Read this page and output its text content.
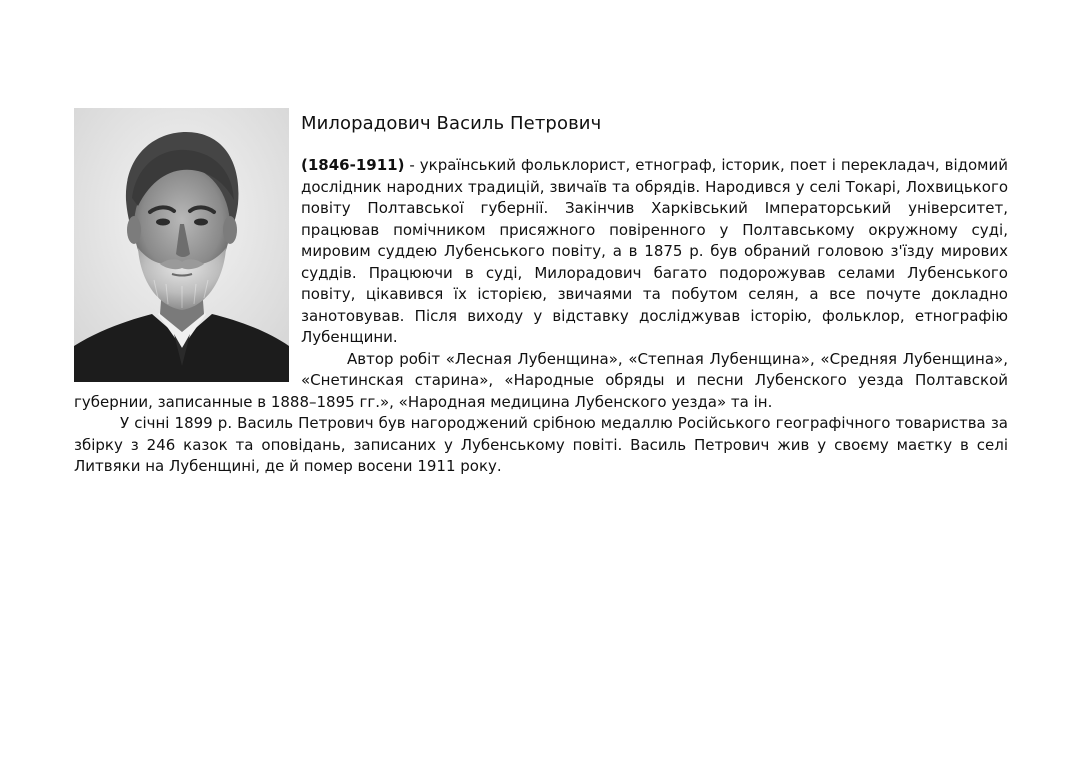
Милорадович Василь Петрович

(1846-1911) - український фольклорист, етнограф, історик, поет і перекладач, відомий дослідник народних традицій, звичаїв та обрядів. Народився у селі Токарі, Лохвицького повіту Полтавської губернії. Закінчив Харківський Імператорський університет, працював помічником присяжного повіренного у Полтавському окружному суді, мировим суддею Лубенського повіту, а в 1875 р. був обраний головою з'їзду мирових суддів. Працюючи в суді, Милорадович багато подорожував селами Лубенського повіту, цікавився їх історією, звичаями та побутом селян, а все почуте докладно занотовував. Після виходу у відставку досліджував історію, фольклор, етнографію Лубенщини.

Автор робіт «Лесная Лубенщина», «Степная Лубенщина», «Средняя Лубенщина», «Снетинская старина», «Народные обряды и песни Лубенского уезда Полтавской губернии, записанные в 1888–1895 гг.», «Народная медицина Лубенского уезда» та ін.

У січні 1899 р. Василь Петрович був нагороджений срібною медаллю Російського географічного товариства за збірку з 246 казок та оповідань, записаних у Лубенському повіті. Василь Петрович жив у своєму маєтку в селі Литвяки на Лубенщині, де й помер восени 1911 року.
